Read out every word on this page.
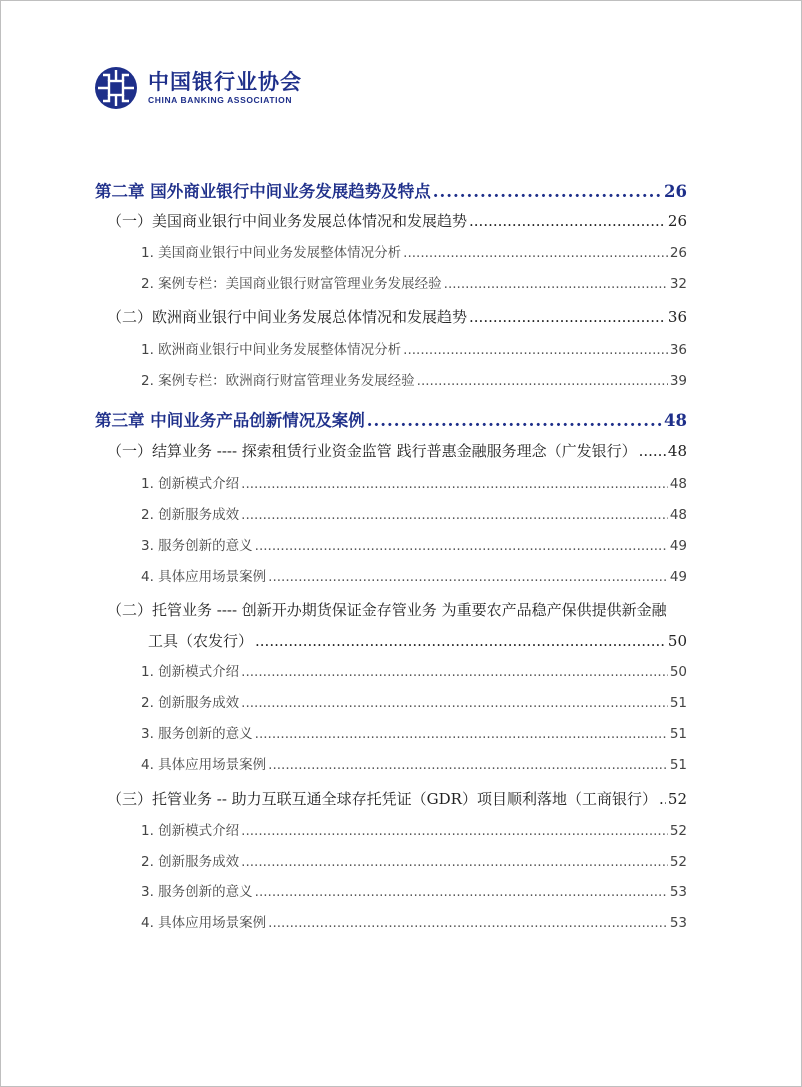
中国银行业协会
CHINA BANKING ASSOCIATION
第二章 国外商业银行中间业务发展趋势及特点 .....	26
（一）美国商业银行中间业务发展总体情况和发展趋势 .....	26
1. 美国商业银行中间业务发展整体情况分析 .....	26
2. 案例专栏：美国商业银行财富管理业务发展经验 .....	32
（二）欧洲商业银行中间业务发展总体情况和发展趋势 .....	36
1. 欧洲商业银行中间业务发展整体情况分析 .....	36
2. 案例专栏：欧洲商行财富管理业务发展经验 .....	39
第三章 中间业务产品创新情况及案例 .....	48
（一）结算业务 ---- 探索租赁行业资金监管 践行普惠金融服务理念（广发银行） ..... 48
1. 创新模式介绍 .....	48
2. 创新服务成效 .....	48
3. 服务创新的意义 .....	49
4. 具体应用场景案例 .....	49
（二）托管业务 ---- 创新开办期货保证金存管业务 为重要农产品稳产保供提供新金融
工具（农发行） .....	50
1. 创新模式介绍 .....	50
2. 创新服务成效 .....	51
3. 服务创新的意义 .....	51
4. 具体应用场景案例 .....	51
（三）托管业务 -- 助力互联互通全球存托凭证（GDR）项目顺利落地（工商银行） ..... 52
1. 创新模式介绍 .....	52
2. 创新服务成效 .....	52
3. 服务创新的意义 .....	53
4. 具体应用场景案例 .....	53
